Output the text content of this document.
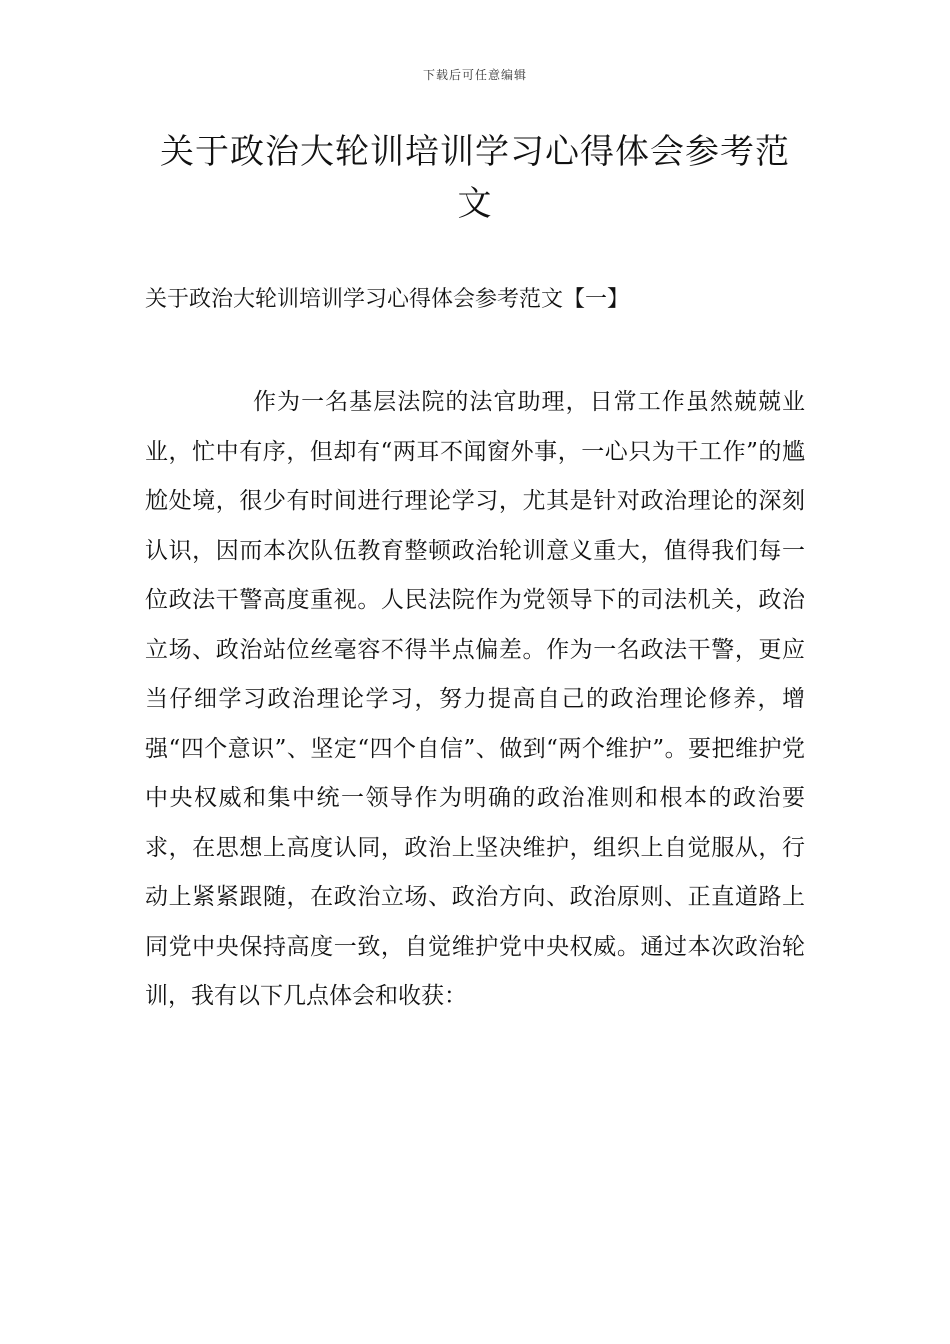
下载后可任意编辑
关于政治大轮训培训学习心得体会参考范文
关于政治大轮训培训学习心得体会参考范文【一】

作为一名基层法院的法官助理，日常工作虽然兢兢业业，忙中有序，但却有“两耳不闻窗外事，一心只为干工作”的尴尬处境，很少有时间进行理论学习，尤其是针对政治理论的深刻认识，因而本次队伍教育整顿政治轮训意义重大，值得我们每一位政法干警高度重视。人民法院作为党领导下的司法机关，政治立场、政治站位丝毫容不得半点偏差。作为一名政法干警，更应当仔细学习政治理论学习，努力提高自己的政治理论修养，增强“四个意识”、坚定“四个自信”、做到“两个维护”。要把维护党中央权威和集中统一领导作为明确的政治准则和根本的政治要求，在思想上高度认同，政治上坚决维护，组织上自觉服从，行动上紧紧跟随，在政治立场、政治方向、政治原则、正直道路上同党中央保持高度一致，自觉维护党中央权威。通过本次政治轮训，我有以下几点体会和收获：
